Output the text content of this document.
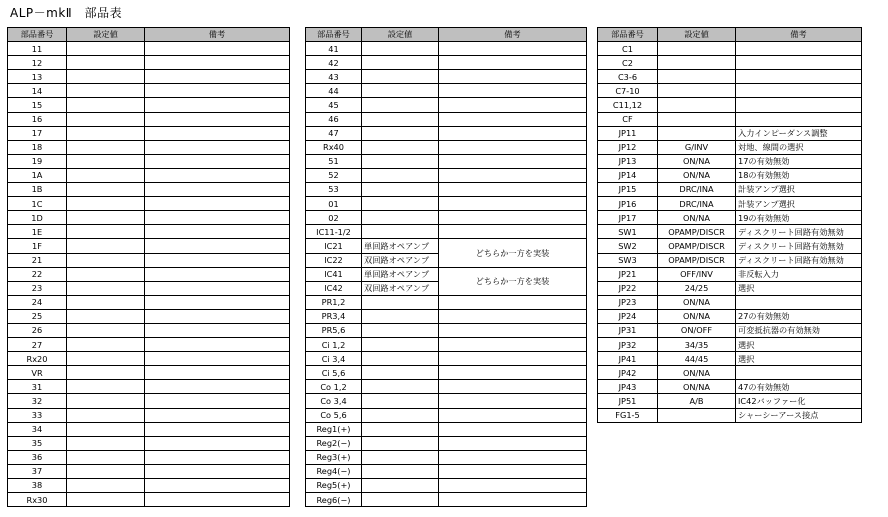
ALP－mkⅡ　部品表
部品番号	設定値	備考
11		
12		
13		
14		
15		
16		
17		
18		
19		
1A		
1B		
1C		
1D		
1E		
1F		
21		
22		
23		
24		
25		
26		
27		
Rx20		
VR		
31		
32		
33		
34		
35		
36		
37		
38		
Rx30		
部品番号	設定値	備考
41		
42		
43		
44		
45		
46		
47		
Rx40		
51		
52		
53		
01		
02		
IC11-1/2		
IC21	単回路オペアンプ	どちらか一方を実装
IC22	双回路オペアンプ	
IC41	単回路オペアンプ	どちらか一方を実装
IC42	双回路オペアンプ	
PR1,2		
PR3,4		
PR5,6		
Ci 1,2		
Ci 3,4		
Ci 5,6		
Co 1,2		
Co 3,4		
Co 5,6		
Reg1(+)		
Reg2(−)		
Reg3(+)		
Reg4(−)		
Reg5(+)		
Reg6(−)		
部品番号	設定値	備考
C1		
C2		
C3-6		
C7-10		
C11,12		
CF		
JP11		入力インピーダンス調整
JP12	G/INV	対地、線間の選択
JP13	ON/NA	17の有効無効
JP14	ON/NA	18の有効無効
JP15	DRC/INA	計装アンプ選択
JP16	DRC/INA	計装アンプ選択
JP17	ON/NA	19の有効無効
SW1	OPAMP/DISCR	ディスクリート回路有効無効
SW2	OPAMP/DISCR	ディスクリート回路有効無効
SW3	OPAMP/DISCR	ディスクリート回路有効無効
JP21	OFF/INV	非反転入力
JP22	24/25	選択
JP23	ON/NA	
JP24	ON/NA	27の有効無効
JP31	ON/OFF	可変抵抗器の有効無効
JP32	34/35	選択
JP41	44/45	選択
JP42	ON/NA	
JP43	ON/NA	47の有効無効
JP51	A/B	IC42バッファー化
FG1-5		シャーシーアース接点
